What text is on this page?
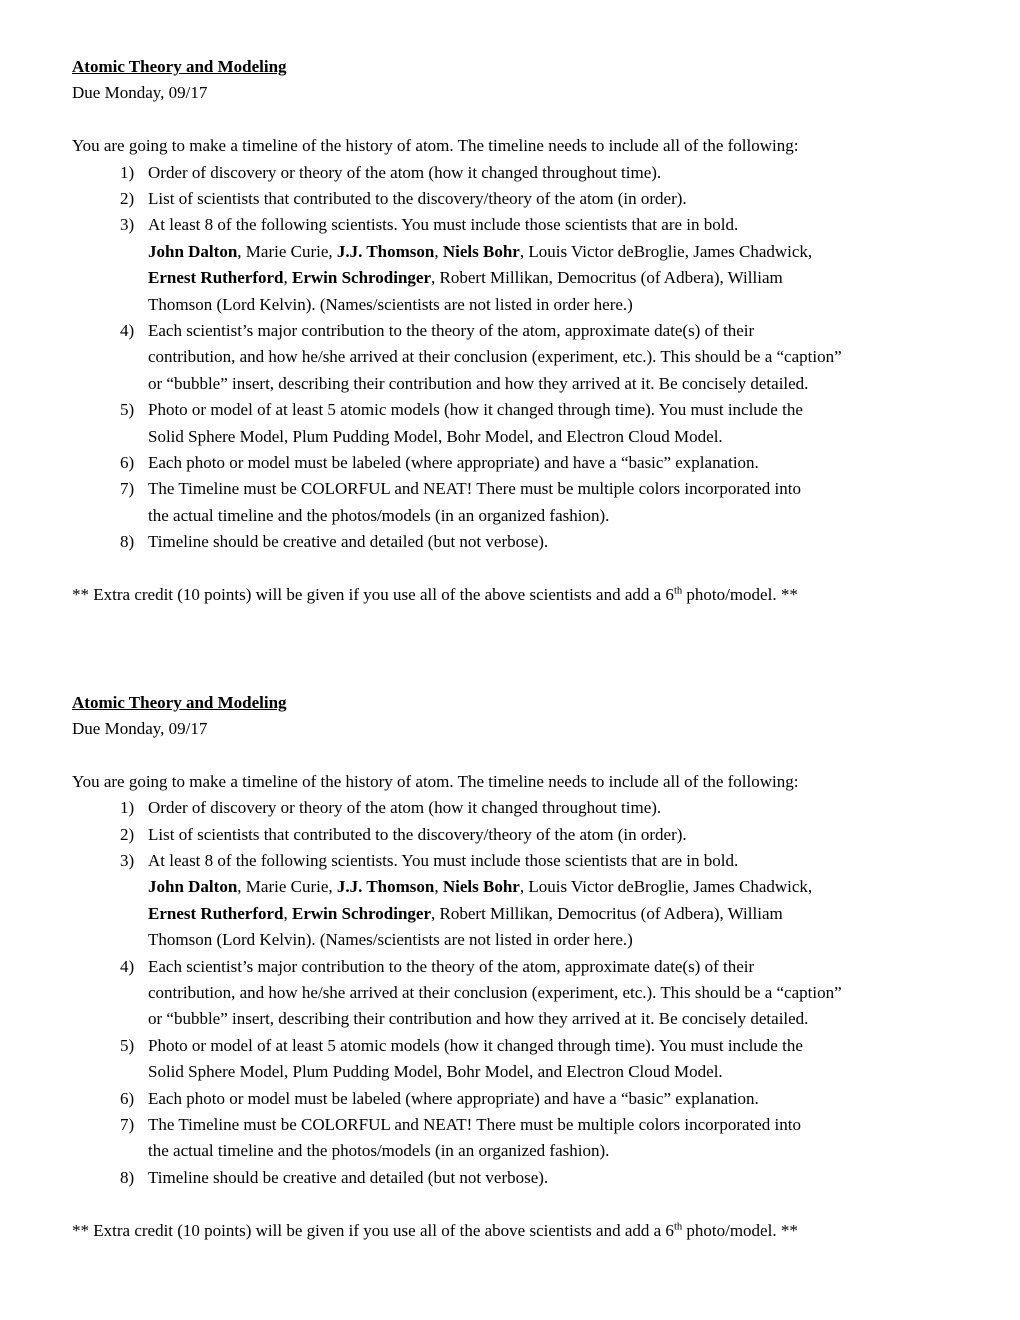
Atomic Theory and Modeling

Due Monday, 09/17

You are going to make a timeline of the history of atom. The timeline needs to include all of the following:

1) Order of discovery or theory of the atom (how it changed throughout time).
2) List of scientists that contributed to the discovery/theory of the atom (in order).
3) At least 8 of the following scientists. You must include those scientists that are in bold.
John Dalton, Marie Curie, J.J. Thomson, Niels Bohr, Louis Victor deBroglie, James Chadwick,
Ernest Rutherford, Erwin Schrodinger, Robert Millikan, Democritus (of Adbera), William
Thomson (Lord Kelvin). (Names/scientists are not listed in order here.)
4) Each scientist’s major contribution to the theory of the atom, approximate date(s) of their
contribution, and how he/she arrived at their conclusion (experiment, etc.). This should be a “caption”
or “bubble” insert, describing their contribution and how they arrived at it. Be concisely detailed.
5) Photo or model of at least 5 atomic models (how it changed through time). You must include the
Solid Sphere Model, Plum Pudding Model, Bohr Model, and Electron Cloud Model.
6) Each photo or model must be labeled (where appropriate) and have a “basic” explanation.
7) The Timeline must be COLORFUL and NEAT! There must be multiple colors incorporated into
the actual timeline and the photos/models (in an organized fashion).
8) Timeline should be creative and detailed (but not verbose).

** Extra credit (10 points) will be given if you use all of the above scientists and add a 6th photo/model. **

Atomic Theory and Modeling

Due Monday, 09/17

You are going to make a timeline of the history of atom. The timeline needs to include all of the following:

1) Order of discovery or theory of the atom (how it changed throughout time).
2) List of scientists that contributed to the discovery/theory of the atom (in order).
3) At least 8 of the following scientists. You must include those scientists that are in bold.
John Dalton, Marie Curie, J.J. Thomson, Niels Bohr, Louis Victor deBroglie, James Chadwick,
Ernest Rutherford, Erwin Schrodinger, Robert Millikan, Democritus (of Adbera), William
Thomson (Lord Kelvin). (Names/scientists are not listed in order here.)
4) Each scientist’s major contribution to the theory of the atom, approximate date(s) of their
contribution, and how he/she arrived at their conclusion (experiment, etc.). This should be a “caption”
or “bubble” insert, describing their contribution and how they arrived at it. Be concisely detailed.
5) Photo or model of at least 5 atomic models (how it changed through time). You must include the
Solid Sphere Model, Plum Pudding Model, Bohr Model, and Electron Cloud Model.
6) Each photo or model must be labeled (where appropriate) and have a “basic” explanation.
7) The Timeline must be COLORFUL and NEAT! There must be multiple colors incorporated into
the actual timeline and the photos/models (in an organized fashion).
8) Timeline should be creative and detailed (but not verbose).

** Extra credit (10 points) will be given if you use all of the above scientists and add a 6th photo/model. **
